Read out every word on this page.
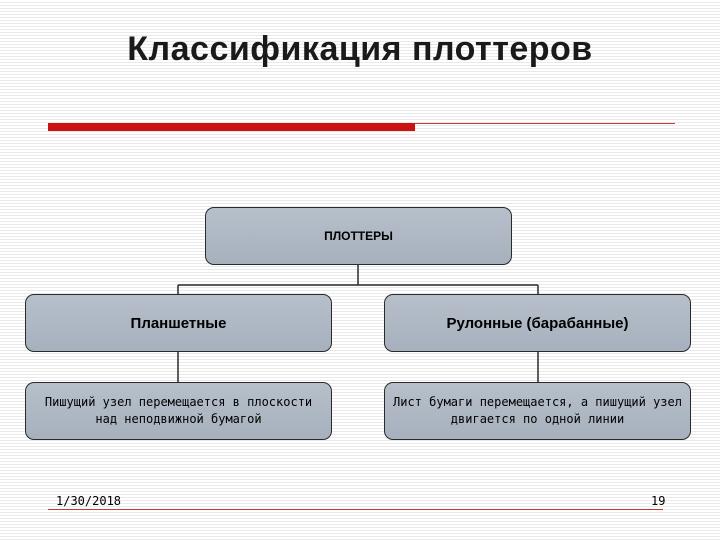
Классификация плоттеров
ПЛОТТЕРЫ
Планшетные	Рулонные (барабанные)
Пишущий узел перемещается в плоскости над неподвижной бумагой
Лист бумаги перемещается, а пишущий узел двигается по одной линии
1/30/2018	19
